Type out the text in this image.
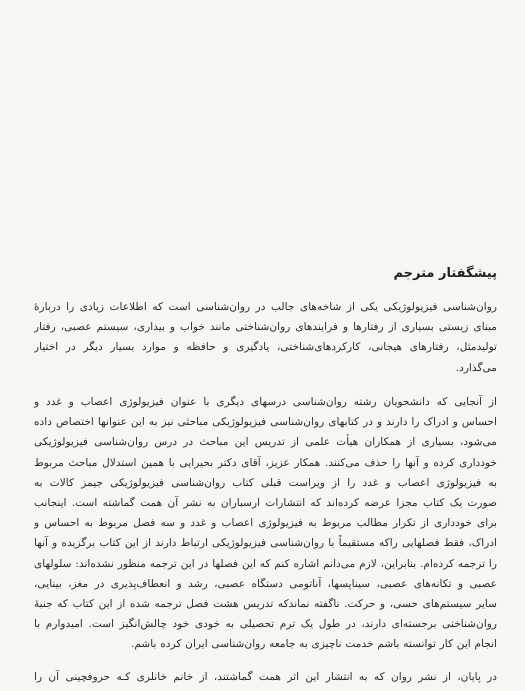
پیشگفتار مترجم
روان‌شناسی فیزیولوژیکی یکی از شاخه‌های جالب در روان‌شناسی است که اطلاعات زیادی را دربارهٔ
مبنای زیستی بسیاری از رفتارها و فرایندهای روان‌شناختی مانند خواب و بیداری، سیستم عصبی، رفتار
تولیدمثل، رفتارهای هیجانی، کارکردهای‌شناختی، یادگیری و حافظه و موارد بسیار دیگر در اختیار
می‌گذارد.
از آنجایی که دانشجویان رشته روان‌شناسی درسهای دیگری با عنوان فیزیولوژی اعصاب و غدد و
احساس و ادراک را دارند و در کتابهای روان‌شناسی فیزیولوژیکی مباحثی نیز به این عنوانها اختصاص داده
می‌شود، بسیاری از همکاران هیأت علمی از تدریس این مباحث در درس روان‌شناسی فیزیولوژیکی
خودداری کرده و آنها را حذف می‌کنند. همکار عزیز، آقای دکتر بحیرایی با همین استدلال مباحث مربوط
به فیزیولوژی اعصاب و غدد را از ویراست قبلی کتاب روان‌شناسی فیزیولوژیکی جیمز کالات به
صورت یک کتاب مجزا عرضه کرده‌اند که انتشارات ارسباران به نشر آن همت گماشته است. اینجانب
برای خودداری از تکرار مطالب مربوط به فیزیولوژی اعصاب و غدد و سه فصل مربوط به احساس و
ادراک، فقط فصلهایی راکه مستقیماً با روان‌شناسی فیزیولوژیکی ارتباط دارند از این کتاب برگزیده و آنها
را ترجمه کرده‌ام. بنابراین، لازم می‌دانم اشاره کنم که این فصلها در این ترجمه منظور نشده‌اند: سلولهای
عصبی و تکانه‌های عصبی، سیناپسها، آناتومی دستگاه عصبی، رشد و انعطاف‌پذیری در مغز، بینایی،
سایر سیستم‌های حسی، و حرکت. ناگفته نماندکه تدریس هشت فصل ترجمه شده از این کتاب که جنبهٔ
روان‌شناختی برجسته‌ای دارند، در طول یک ترم تحصیلی به خودی خود چالش‌انگیز است. امیدوارم با
انجام این کار توانسته باشم خدمت ناچیزی به جامعه روان‌شناسی ایران کرده باشم.
در پایان، از نشر روان که به انتشار این اثر همت گماشتند، از خانم خانلری کـه حروفچینی آن را
